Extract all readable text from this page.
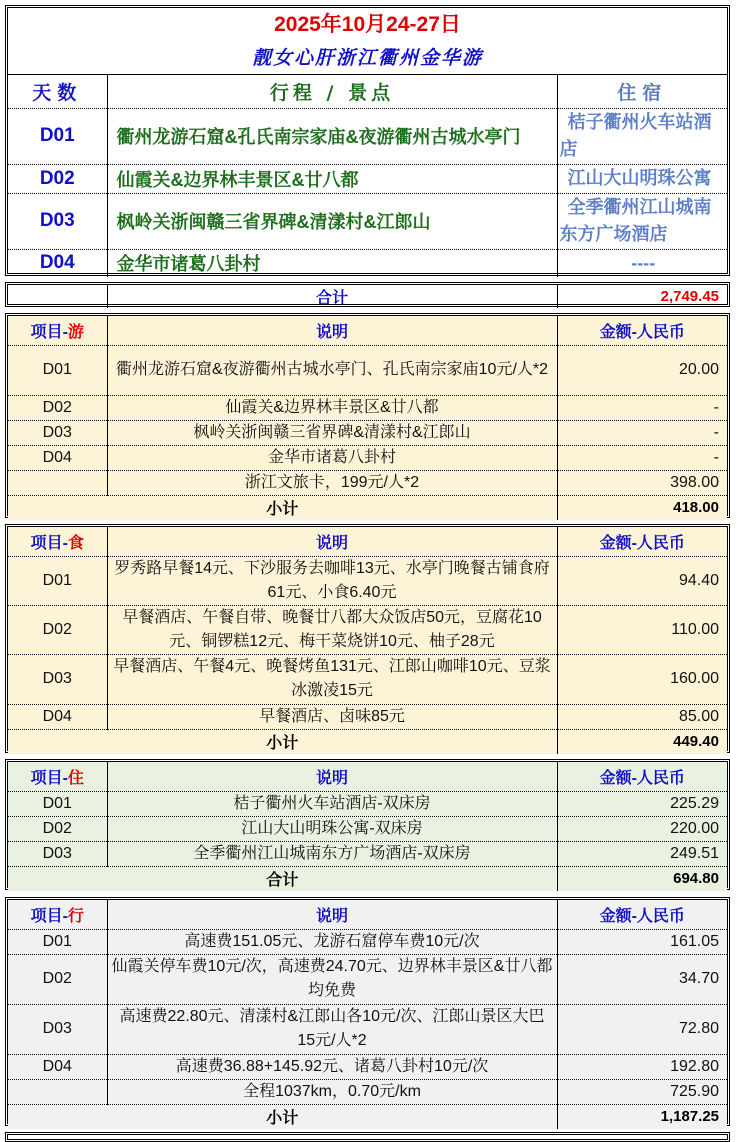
2025年10月24-27日		
靓女心肝浙江衢州金华游		
天数	行程 / 景点	住宿
D01	衢州龙游石窟&孔氏南宗家庙&夜游衢州古城水亭门	桔子衢州火车站酒店
D02	仙霞关&边界林丰景区&廿八都	江山大山明珠公寓
D03	枫岭关浙闽赣三省界碑&清漾村&江郎山	全季衢州江山城南东方广场酒店
D04	金华市诸葛八卦村	----
	合计	2,749.45
项目-游	说明	金额-人民币
D01	衢州龙游石窟&夜游衢州古城水亭门、孔氏南宗家庙10元/人*2	20.00
D02	仙霞关&边界林丰景区&廿八都	-
D03	枫岭关浙闽赣三省界碑&清漾村&江郎山	-
D04	金华市诸葛八卦村	-
	浙江文旅卡，199元/人*2	398.00
小计		418.00
项目-食	说明	金额-人民币
D01	罗秀路早餐14元、下沙服务去咖啡13元、水亭门晚餐古铺食府61元、小食6.40元	94.40
D02	早餐酒店、午餐自带、晚餐廿八都大众饭店50元，豆腐花10元、铜锣糕12元、梅干菜烧饼10元、柚子28元	110.00
D03	早餐酒店、午餐4元、晚餐烤鱼131元、江郎山咖啡10元、豆浆冰激凌15元	160.00
D04	早餐酒店、卤味85元	85.00
小计		449.40
项目-住	说明	金额-人民币
D01	桔子衢州火车站酒店-双床房	225.29
D02	江山大山明珠公寓-双床房	220.00
D03	全季衢州江山城南东方广场酒店-双床房	249.51
合计		694.80
项目-行	说明	金额-人民币
D01	高速费151.05元、龙游石窟停车费10元/次	161.05
D02	仙霞关停车费10元/次，高速费24.70元、边界林丰景区&廿八都均免费	34.70
D03	高速费22.80元、清漾村&江郎山各10元/次、江郎山景区大巴15元/人*2	72.80
D04	高速费36.88+145.92元、诸葛八卦村10元/次	192.80
	全程1037km，0.70元/km	725.90
小计		1,187.25
